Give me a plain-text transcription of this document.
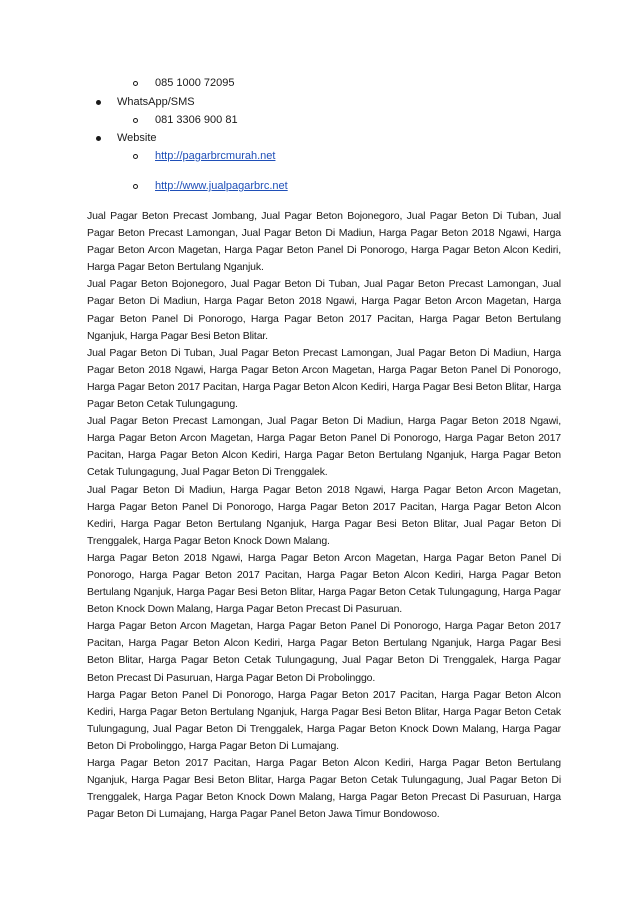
085 1000 72095
WhatsApp/SMS
081 3306 900 81
Website
http://pagarbrcmurah.net
http://www.jualpagarbrc.net

Jual Pagar Beton Precast Jombang, Jual Pagar Beton Bojonegoro, Jual Pagar Beton Di Tuban, Jual Pagar Beton Precast Lamongan, Jual Pagar Beton Di Madiun, Harga Pagar Beton 2018 Ngawi, Harga Pagar Beton Arcon Magetan, Harga Pagar Beton Panel Di Ponorogo, Harga Pagar Beton Alcon Kediri, Harga Pagar Beton Bertulang Nganjuk.

Jual Pagar Beton Bojonegoro, Jual Pagar Beton Di Tuban, Jual Pagar Beton Precast Lamongan, Jual Pagar Beton Di Madiun, Harga Pagar Beton 2018 Ngawi, Harga Pagar Beton Arcon Magetan, Harga Pagar Beton Panel Di Ponorogo, Harga Pagar Beton 2017 Pacitan, Harga Pagar Beton Bertulang Nganjuk, Harga Pagar Besi Beton Blitar.

Jual Pagar Beton Di Tuban, Jual Pagar Beton Precast Lamongan, Jual Pagar Beton Di Madiun, Harga Pagar Beton 2018 Ngawi, Harga Pagar Beton Arcon Magetan, Harga Pagar Beton Panel Di Ponorogo, Harga Pagar Beton 2017 Pacitan, Harga Pagar Beton Alcon Kediri, Harga Pagar Besi Beton Blitar, Harga Pagar Beton Cetak Tulungagung.

Jual Pagar Beton Precast Lamongan, Jual Pagar Beton Di Madiun, Harga Pagar Beton 2018 Ngawi, Harga Pagar Beton Arcon Magetan, Harga Pagar Beton Panel Di Ponorogo, Harga Pagar Beton 2017 Pacitan, Harga Pagar Beton Alcon Kediri, Harga Pagar Beton Bertulang Nganjuk, Harga Pagar Beton Cetak Tulungagung, Jual Pagar Beton Di Trenggalek.

Jual Pagar Beton Di Madiun, Harga Pagar Beton 2018 Ngawi, Harga Pagar Beton Arcon Magetan, Harga Pagar Beton Panel Di Ponorogo, Harga Pagar Beton 2017 Pacitan, Harga Pagar Beton Alcon Kediri, Harga Pagar Beton Bertulang Nganjuk, Harga Pagar Besi Beton Blitar, Jual Pagar Beton Di Trenggalek, Harga Pagar Beton Knock Down Malang.

Harga Pagar Beton 2018 Ngawi, Harga Pagar Beton Arcon Magetan, Harga Pagar Beton Panel Di Ponorogo, Harga Pagar Beton 2017 Pacitan, Harga Pagar Beton Alcon Kediri, Harga Pagar Beton Bertulang Nganjuk, Harga Pagar Besi Beton Blitar, Harga Pagar Beton Cetak Tulungagung, Harga Pagar Beton Knock Down Malang, Harga Pagar Beton Precast Di Pasuruan.

Harga Pagar Beton Arcon Magetan, Harga Pagar Beton Panel Di Ponorogo, Harga Pagar Beton 2017 Pacitan, Harga Pagar Beton Alcon Kediri, Harga Pagar Beton Bertulang Nganjuk, Harga Pagar Besi Beton Blitar, Harga Pagar Beton Cetak Tulungagung, Jual Pagar Beton Di Trenggalek, Harga Pagar Beton Precast Di Pasuruan, Harga Pagar Beton Di Probolinggo.

Harga Pagar Beton Panel Di Ponorogo, Harga Pagar Beton 2017 Pacitan, Harga Pagar Beton Alcon Kediri, Harga Pagar Beton Bertulang Nganjuk, Harga Pagar Besi Beton Blitar, Harga Pagar Beton Cetak Tulungagung, Jual Pagar Beton Di Trenggalek, Harga Pagar Beton Knock Down Malang, Harga Pagar Beton Di Probolinggo, Harga Pagar Beton Di Lumajang.

Harga Pagar Beton 2017 Pacitan, Harga Pagar Beton Alcon Kediri, Harga Pagar Beton Bertulang Nganjuk, Harga Pagar Besi Beton Blitar, Harga Pagar Beton Cetak Tulungagung, Jual Pagar Beton Di Trenggalek, Harga Pagar Beton Knock Down Malang, Harga Pagar Beton Precast Di Pasuruan, Harga Pagar Beton Di Lumajang, Harga Pagar Panel Beton Jawa Timur Bondowoso.
